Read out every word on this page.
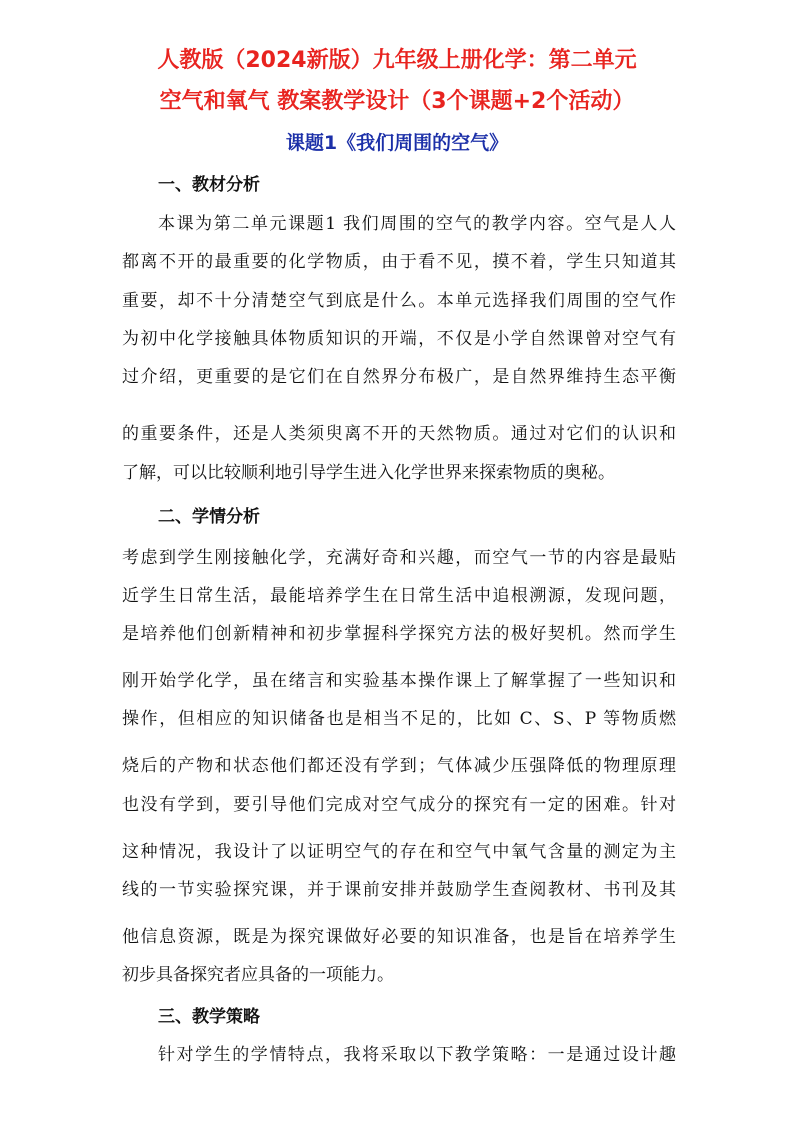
人教版（2024新版）九年级上册化学：第二单元
空气和氧气 教案教学设计（3个课题+2个活动）
课题1《我们周围的空气》
一、教材分析
本课为第二单元课题1 我们周围的空气的教学内容。空气是人人
都离不开的最重要的化学物质，由于看不见，摸不着，学生只知道其
重要，却不十分清楚空气到底是什么。本单元选择我们周围的空气作
为初中化学接触具体物质知识的开端，不仅是小学自然课曾对空气有
过介绍，更重要的是它们在自然界分布极广，是自然界维持生态平衡
的重要条件，还是人类须臾离不开的天然物质。通过对它们的认识和
了解，可以比较顺利地引导学生进入化学世界来探索物质的奥秘。
二、学情分析
考虑到学生刚接触化学，充满好奇和兴趣，而空气一节的内容是最贴
近学生日常生活，最能培养学生在日常生活中追根溯源，发现问题，
是培养他们创新精神和初步掌握科学探究方法的极好契机。然而学生
刚开始学化学，虽在绪言和实验基本操作课上了解掌握了一些知识和
操作，但相应的知识储备也是相当不足的，比如 C、S、P 等物质燃
烧后的产物和状态他们都还没有学到；气体减少压强降低的物理原理
也没有学到，要引导他们完成对空气成分的探究有一定的困难。针对
这种情况，我设计了以证明空气的存在和空气中氧气含量的测定为主
线的一节实验探究课，并于课前安排并鼓励学生查阅教材、书刊及其
他信息资源，既是为探究课做好必要的知识准备，也是旨在培养学生
初步具备探究者应具备的一项能力。
三、教学策略
针对学生的学情特点，我将采取以下教学策略：一是通过设计趣
